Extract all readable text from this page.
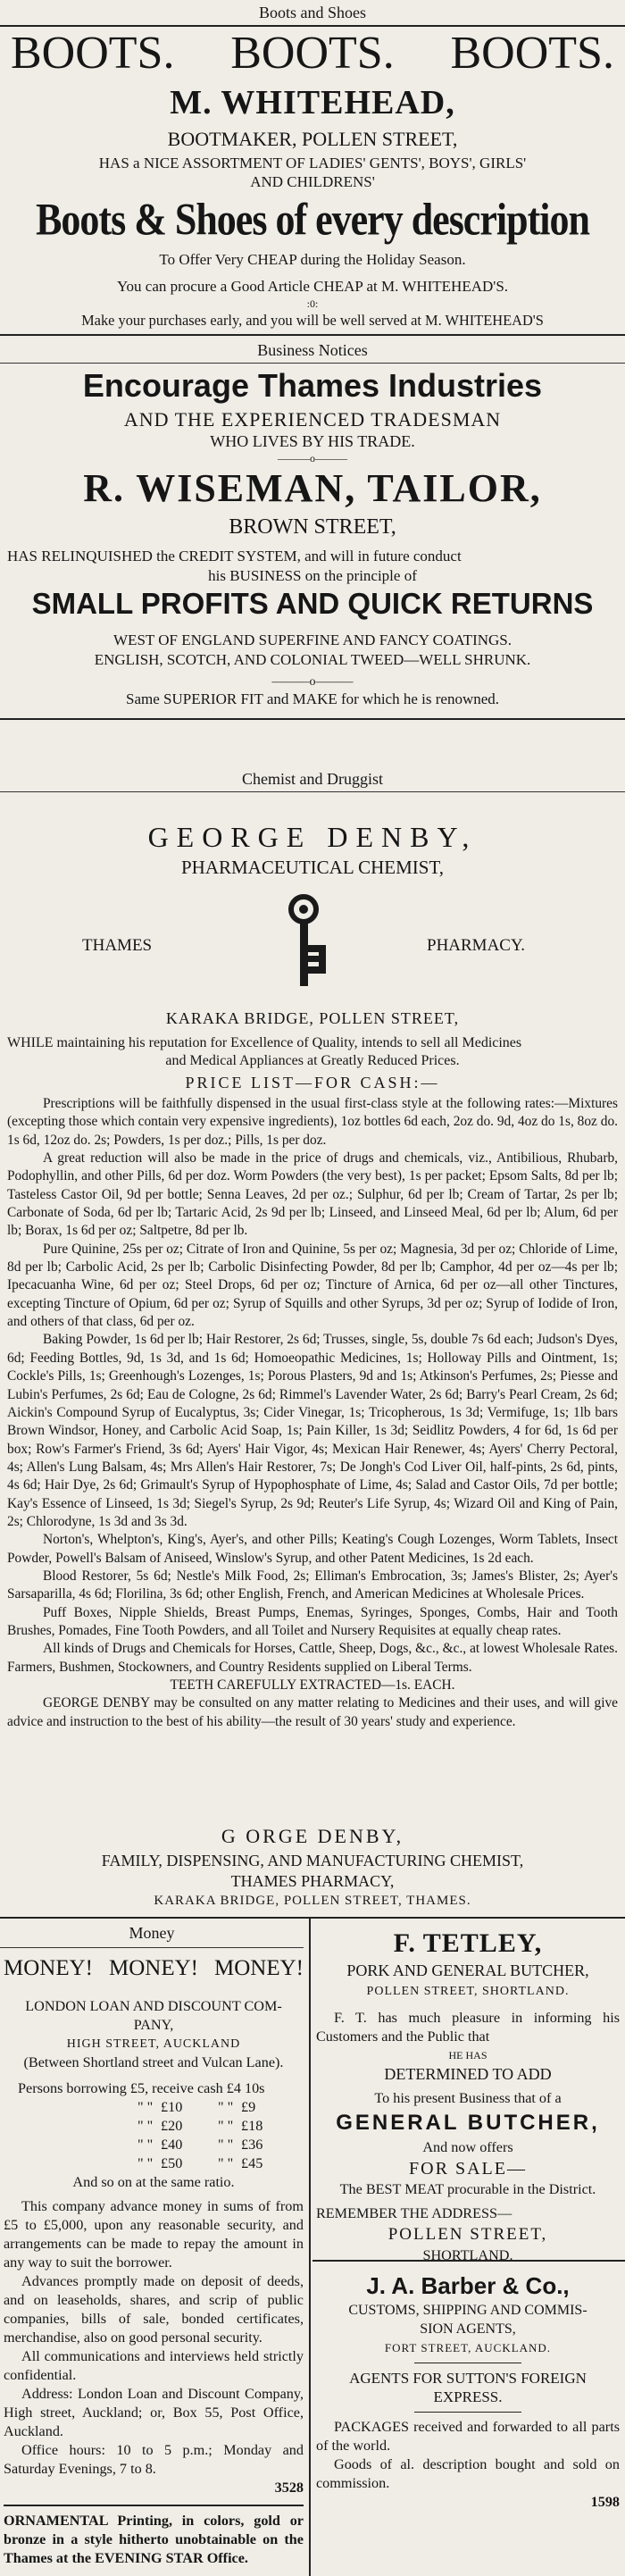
Boots and Shoes
BOOTS. BOOTS. BOOTS.
M. WHITEHEAD,
BOOTMAKER, POLLEN STREET,
HAS a NICE ASSORTMENT OF LADIES' GENTS', BOYS', GIRLS'
AND CHILDRENS'
Boots & Shoes of every description
To Offer Very CHEAP during the Holiday Season.
You can procure a Good Article CHEAP at M. WHITEHEAD'S.
:0:
Make your purchases early, and you will be well served at M. WHITEHEAD'S
Business Notices
Encourage Thames Industries
AND THE EXPERIENCED TRADESMAN
WHO LIVES BY HIS TRADE.
———o———
R. WISEMAN, TAILOR,
BROWN STREET,
HAS RELINQUISHED the CREDIT SYSTEM, and will in future conduct
his BUSINESS on the principle of
SMALL PROFITS AND QUICK RETURNS
WEST OF ENGLAND SUPERFINE AND FANCY COATINGS.
ENGLISH, SCOTCH, AND COLONIAL TWEED—WELL SHRUNK.
———o———
Same SUPERIOR FIT and MAKE for which he is renowned.
Chemist and Druggist
GEORGE DENBY,
PHARMACEUTICAL CHEMIST,
THAMES	PHARMACY.
KARAKA BRIDGE, POLLEN STREET,
WHILE maintaining his reputation for Excellence of Quality, intends to sell all Medicines
and Medical Appliances at Greatly Reduced Prices.
PRICE LIST—FOR CASH:—

Prescriptions will be faithfully dispensed in the usual first-class style at the following rates:—Mixtures (excepting those which contain very expensive ingredients), 1oz bottles 6d each, 2oz do. 9d, 4oz do 1s, 8oz do. 1s 6d, 12oz do. 2s; Powders, 1s per doz.; Pills, 1s per doz.

A great reduction will also be made in the price of drugs and chemicals, viz., Antibilious, Rhubarb, Podophyllin, and other Pills, 6d per doz. Worm Powders (the very best), 1s per packet; Epsom Salts, 8d per lb; Tasteless Castor Oil, 9d per bottle; Senna Leaves, 2d per oz.; Sulphur, 6d per lb; Cream of Tartar, 2s per lb; Carbonate of Soda, 6d per lb; Tartaric Acid, 2s 9d per lb; Linseed, and Linseed Meal, 6d per lb; Alum, 6d per lb; Borax, 1s 6d per oz; Saltpetre, 8d per lb.

Pure Quinine, 25s per oz; Citrate of Iron and Quinine, 5s per oz; Magnesia, 3d per oz; Chloride of Lime, 8d per lb; Carbolic Acid, 2s per lb; Carbolic Disinfecting Powder, 8d per lb; Camphor, 4d per oz—4s per lb; Ipecacuanha Wine, 6d per oz; Steel Drops, 6d per oz; Tincture of Arnica, 6d per oz—all other Tinctures, excepting Tincture of Opium, 6d per oz; Syrup of Squills and other Syrups, 3d per oz; Syrup of Iodide of Iron, and others of that class, 6d per oz.

Baking Powder, 1s 6d per lb; Hair Restorer, 2s 6d; Trusses, single, 5s, double 7s 6d each; Judson's Dyes, 6d; Feeding Bottles, 9d, 1s 3d, and 1s 6d; Homoeopathic Medicines, 1s; Holloway Pills and Ointment, 1s; Cockle's Pills, 1s; Greenhough's Lozenges, 1s; Porous Plasters, 9d and 1s; Atkinson's Perfumes, 2s; Piesse and Lubin's Perfumes, 2s 6d; Eau de Cologne, 2s 6d; Rimmel's Lavender Water, 2s 6d; Barry's Pearl Cream, 2s 6d; Aickin's Compound Syrup of Eucalyptus, 3s; Cider Vinegar, 1s; Tricopherous, 1s 3d; Vermifuge, 1s; 1lb bars Brown Windsor, Honey, and Carbolic Acid Soap, 1s; Pain Killer, 1s 3d; Seidlitz Powders, 4 for 6d, 1s 6d per box; Row's Farmer's Friend, 3s 6d; Ayers' Hair Vigor, 4s; Mexican Hair Renewer, 4s; Ayers' Cherry Pectoral, 4s; Allen's Lung Balsam, 4s; Mrs Allen's Hair Restorer, 7s; De Jongh's Cod Liver Oil, half-pints, 2s 6d, pints, 4s 6d; Hair Dye, 2s 6d; Grimault's Syrup of Hypophosphate of Lime, 4s; Salad and Castor Oils, 7d per bottle; Kay's Essence of Linseed, 1s 3d; Siegel's Syrup, 2s 9d; Reuter's Life Syrup, 4s; Wizard Oil and King of Pain, 2s; Chlorodyne, 1s 3d and 3s 3d.

Norton's, Whelpton's, King's, Ayer's, and other Pills; Keating's Cough Lozenges, Worm Tablets, Insect Powder, Powell's Balsam of Aniseed, Winslow's Syrup, and other Patent Medicines, 1s 2d each.

Blood Restorer, 5s 6d; Nestle's Milk Food, 2s; Elliman's Embrocation, 3s; James's Blister, 2s; Ayer's Sarsaparilla, 4s 6d; Florilina, 3s 6d; other English, French, and American Medicines at Wholesale Prices.

Puff Boxes, Nipple Shields, Breast Pumps, Enemas, Syringes, Sponges, Combs, Hair and Tooth Brushes, Pomades, Fine Tooth Powders, and all Toilet and Nursery Requisites at equally cheap rates.

All kinds of Drugs and Chemicals for Horses, Cattle, Sheep, Dogs, &c., &c., at lowest Wholesale Rates. Farmers, Bushmen, Stockowners, and Country Residents supplied on Liberal Terms.

TEETH CAREFULLY EXTRACTED—1s. EACH.

GEORGE DENBY may be consulted on any matter relating to Medicines and their uses, and will give advice and instruction to the best of his ability—the result of 30 years' study and experience.

G ORGE DENBY,
FAMILY, DISPENSING, AND MANUFACTURING CHEMIST,
THAMES PHARMACY,
KARAKA BRIDGE, POLLEN STREET, THAMES.
Money
MONEY! MONEY! MONEY!
LONDON LOAN AND DISCOUNT COM-
PANY,
HIGH STREET, AUCKLAND
(Between Shortland street and Vulcan Lane).
Persons borrowing £5, receive cash £4 10s
" " £10	" " £9
" " £20	" " £18
" " £40	" " £36
" " £50	" " £45
And so on at the same ratio.

This company advance money in sums of from £5 to £5,000, upon any reasonable security, and arrangements can be made to repay the amount in any way to suit the borrower.

Advances promptly made on deposit of deeds, and on leaseholds, shares, and scrip of public companies, bills of sale, bonded certificates, merchandise, also on good personal security.

All communications and interviews held strictly confidential.

Address: London Loan and Discount Company, High street, Auckland; or, Box 55, Post Office, Auckland.

Office hours: 10 to 5 p.m.; Monday and Saturday Evenings, 7 to 8.

3528

ORNAMENTAL Printing, in colors, gold or bronze in a style hitherto unobtainable on the Thames at the EVENING STAR Office.

F. TETLEY,
PORK AND GENERAL BUTCHER,
POLLEN STREET, SHORTLAND.

F. T. has much pleasure in informing his Customers and the Public that

HE HAS
DETERMINED TO ADD
To his present Business that of a
GENERAL BUTCHER,
And now offers
FOR SALE—
The BEST MEAT procurable in the District.
REMEMBER THE ADDRESS—
POLLEN STREET,
SHORTLAND.
J. A. Barber & Co.,
CUSTOMS, SHIPPING AND COMMIS-
SION AGENTS,
FORT STREET, AUCKLAND.
AGENTS FOR SUTTON'S FOREIGN
EXPRESS.

PACKAGES received and forwarded to all parts of the world.

Goods of al. description bought and sold on commission.

1598
